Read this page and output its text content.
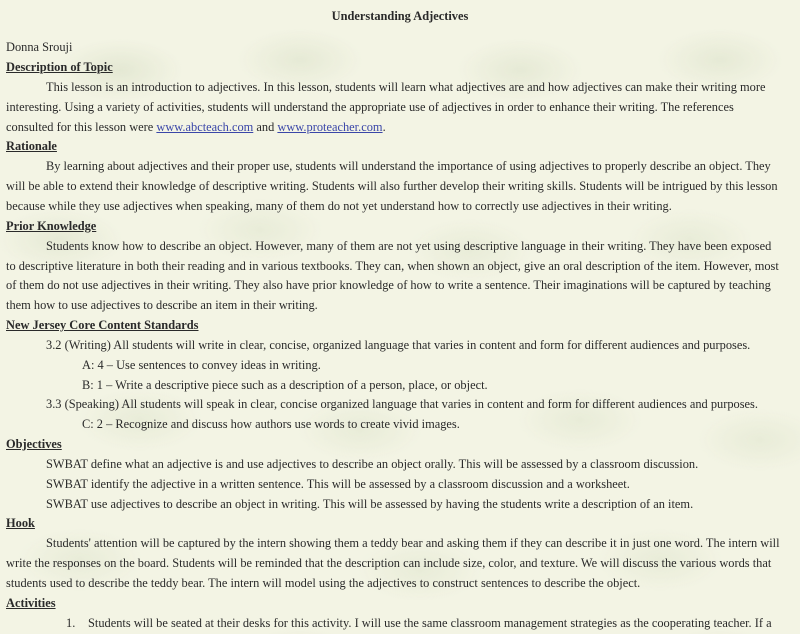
Understanding Adjectives
Donna Srouji
Description of Topic
This lesson is an introduction to adjectives. In this lesson, students will learn what adjectives are and how adjectives can make their writing more
interesting. Using a variety of activities, students will understand the appropriate use of adjectives in order to enhance their writing. The references
consulted for this lesson were www.abcteach.com and www.proteacher.com.
Rationale
By learning about adjectives and their proper use, students will understand the importance of using adjectives to properly describe an object. They
will be able to extend their knowledge of descriptive writing. Students will also further develop their writing skills. Students will be intrigued by this lesson
because while they use adjectives when speaking, many of them do not yet understand how to correctly use adjectives in their writing.
Prior Knowledge
Students know how to describe an object. However, many of them are not yet using descriptive language in their writing. They have been exposed
to descriptive literature in both their reading and in various textbooks. They can, when shown an object, give an oral description of the item. However, most
of them do not use adjectives in their writing. They also have prior knowledge of how to write a sentence. Their imaginations will be captured by teaching
them how to use adjectives to describe an item in their writing.
New Jersey Core Content Standards
3.2 (Writing) All students will write in clear, concise, organized language that varies in content and form for different audiences and purposes.
A: 4 – Use sentences to convey ideas in writing.
B: 1 – Write a descriptive piece such as a description of a person, place, or object.
3.3 (Speaking) All students will speak in clear, concise organized language that varies in content and form for different audiences and purposes.
C: 2 – Recognize and discuss how authors use words to create vivid images.
Objectives
SWBAT define what an adjective is and use adjectives to describe an object orally. This will be assessed by a classroom discussion.
SWBAT identify the adjective in a written sentence. This will be assessed by a classroom discussion and a worksheet.
SWBAT use adjectives to describe an object in writing. This will be assessed by having the students write a description of an item.
Hook
Students' attention will be captured by the intern showing them a teddy bear and asking them if they can describe it in just one word. The intern will
write the responses on the board. Students will be reminded that the description can include size, color, and texture. We will discuss the various words that
students used to describe the teddy bear. The intern will model using the adjectives to construct sentences to describe the object.
Activities
1. Students will be seated at their desks for this activity. I will use the same classroom management strategies as the cooperating teacher. If a
